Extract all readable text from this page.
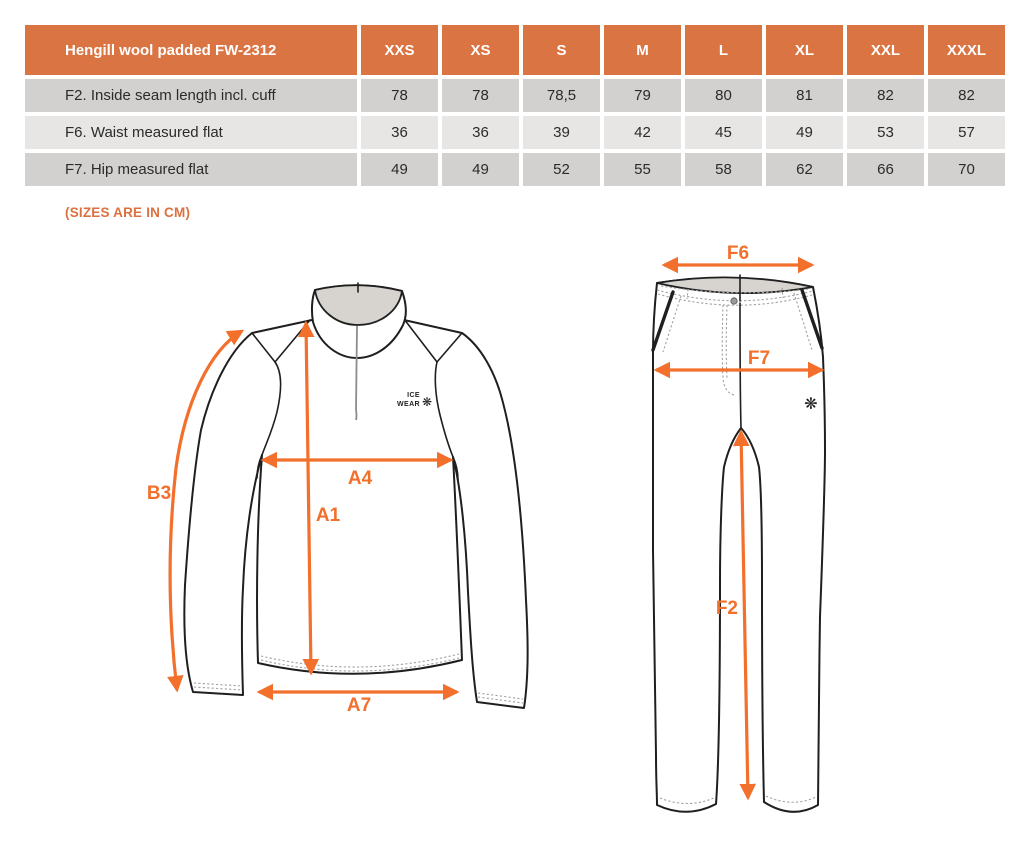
Hengill wool padded FW-2312	XXS	XS	S	M	L	XL	XXL	XXXL
F2. Inside seam length incl. cuff	78	78	78,5	79	80	81	82	82
F6. Waist measured flat	36	36	39	42	45	49	53	57
F7. Hip measured flat	49	49	52	55	58	62	66	70
(SIZES ARE IN CM)
ICE
WEAR ❋
B3
A4
A1
A7
❋
F6
F7
F2
